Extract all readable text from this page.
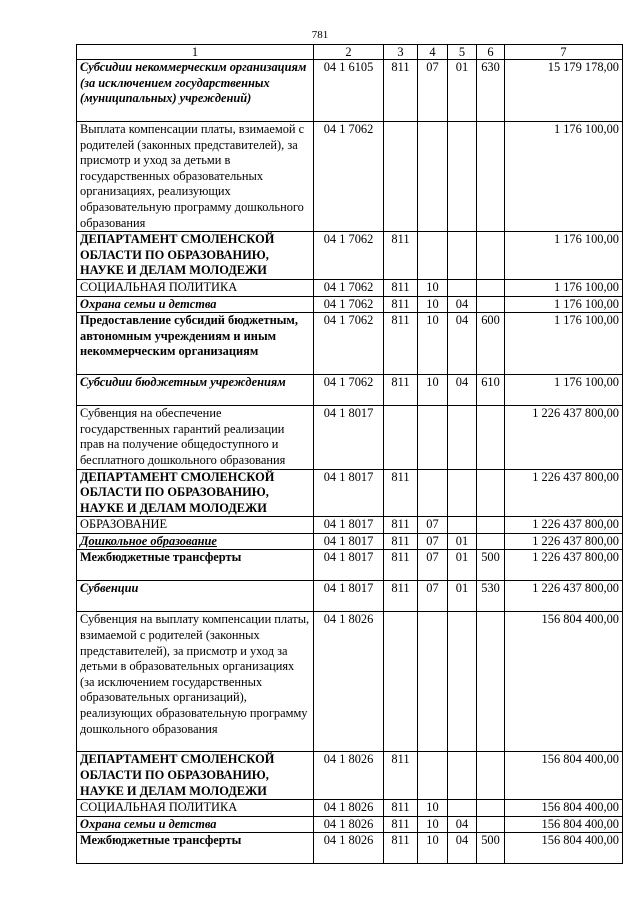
781
1	2	3	4	5	6	7
Субсидии некоммерческим организациям (за исключением государственных (муниципальных) учреждений)	04 1 6105	811	07	01	630	15 179 178,00
Выплата компенсации платы, взимаемой с родителей (законных представителей), за присмотр и уход за детьми в государственных образовательных организациях, реализующих образовательную программу дошкольного образования	04 1 7062					1 176 100,00
ДЕПАРТАМЕНТ СМОЛЕНСКОЙ ОБЛАСТИ ПО ОБРАЗОВАНИЮ, НАУКЕ И ДЕЛАМ МОЛОДЕЖИ	04 1 7062	811				1 176 100,00
СОЦИАЛЬНАЯ ПОЛИТИКА	04 1 7062	811	10			1 176 100,00
Охрана семьи и детства	04 1 7062	811	10	04		1 176 100,00
Предоставление субсидий бюджетным, автономным учреждениям и иным некоммерческим организациям	04 1 7062	811	10	04	600	1 176 100,00
Субсидии бюджетным учреждениям	04 1 7062	811	10	04	610	1 176 100,00
Субвенция на обеспечение государственных гарантий реализации прав на получение общедоступного и бесплатного дошкольного образования	04 1 8017					1 226 437 800,00
ДЕПАРТАМЕНТ СМОЛЕНСКОЙ ОБЛАСТИ ПО ОБРАЗОВАНИЮ, НАУКЕ И ДЕЛАМ МОЛОДЕЖИ	04 1 8017	811				1 226 437 800,00
ОБРАЗОВАНИЕ	04 1 8017	811	07			1 226 437 800,00
Дошкольное образование	04 1 8017	811	07	01		1 226 437 800,00
Межбюджетные трансферты	04 1 8017	811	07	01	500	1 226 437 800,00
Субвенции	04 1 8017	811	07	01	530	1 226 437 800,00
Субвенция на выплату компенсации платы, взимаемой с родителей (законных представителей), за присмотр и уход за детьми в образовательных организациях (за исключением государственных образовательных организаций), реализующих образовательную программу дошкольного образования	04 1 8026					156 804 400,00
ДЕПАРТАМЕНТ СМОЛЕНСКОЙ ОБЛАСТИ ПО ОБРАЗОВАНИЮ, НАУКЕ И ДЕЛАМ МОЛОДЕЖИ	04 1 8026	811				156 804 400,00
СОЦИАЛЬНАЯ ПОЛИТИКА	04 1 8026	811	10			156 804 400,00
Охрана семьи и детства	04 1 8026	811	10	04		156 804 400,00
Межбюджетные трансферты	04 1 8026	811	10	04	500	156 804 400,00
